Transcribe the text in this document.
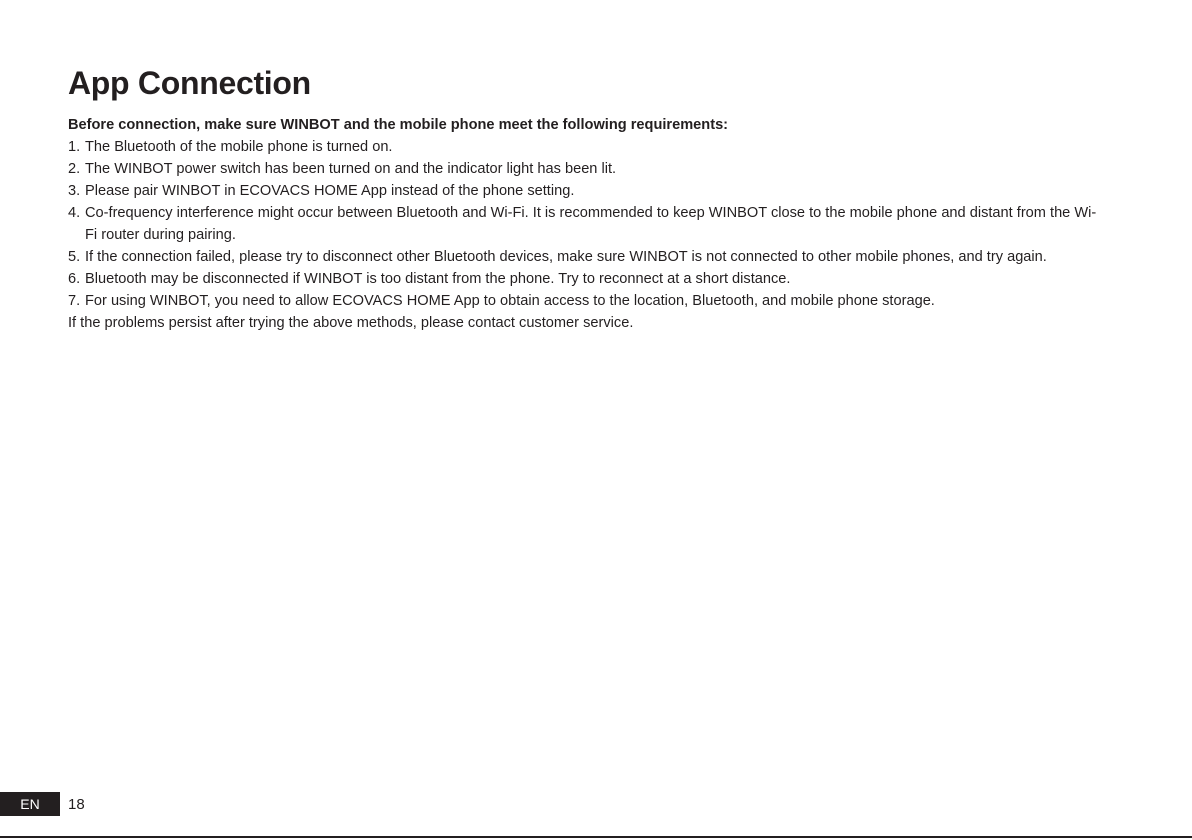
App Connection

Before connection, make sure WINBOT and the mobile phone meet the following requirements:

1. The Bluetooth of the mobile phone is turned on.
2. The WINBOT power switch has been turned on and the indicator light has been lit.
3. Please pair WINBOT in ECOVACS HOME App instead of the phone setting.
4. Co-frequency interference might occur between Bluetooth and Wi-Fi. It is recommended to keep WINBOT close to the mobile phone and distant from the Wi-Fi router during pairing.
5. If the connection failed, please try to disconnect other Bluetooth devices, make sure WINBOT is not connected to other mobile phones, and try again.
6. Bluetooth may be disconnected if WINBOT is too distant from the phone. Try to reconnect at a short distance.
7. For using WINBOT, you need to allow ECOVACS HOME App to obtain access to the location, Bluetooth, and mobile phone storage.

If the problems persist after trying the above methods, please contact customer service.

EN	18
